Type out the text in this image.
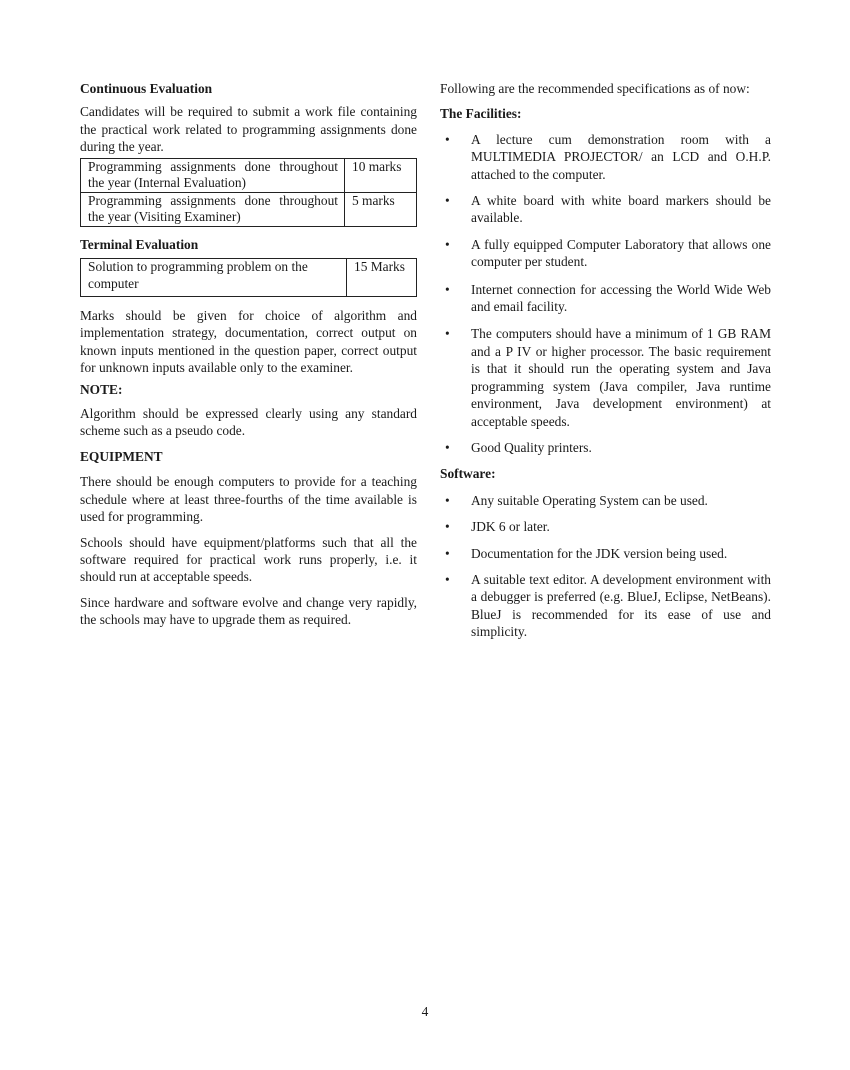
Continuous Evaluation

Candidates will be required to submit a work file containing the practical work related to programming assignments done during the year.

Programming assignments done throughout the year (Internal Evaluation)	10 marks
Programming assignments done throughout the year (Visiting Examiner)	5 marks
Terminal Evaluation
Solution to programming problem on the computer	15 Marks

Marks should be given for choice of algorithm and implementation strategy, documentation, correct output on known inputs mentioned in the question paper, correct output for unknown inputs available only to the examiner.

NOTE:

Algorithm should be expressed clearly using any standard scheme such as a pseudo code.

EQUIPMENT

There should be enough computers to provide for a teaching schedule where at least three-fourths of the time available is used for programming.

Schools should have equipment/platforms such that all the software required for practical work runs properly, i.e. it should run at acceptable speeds.

Since hardware and software evolve and change very rapidly, the schools may have to upgrade them as required.

Following are the recommended specifications as of now:

The Facilities:
• A lecture cum demonstration room with a MULTIMEDIA PROJECTOR/ an LCD and O.H.P. attached to the computer.
• A white board with white board markers should be available.
• A fully equipped Computer Laboratory that allows one computer per student.
• Internet connection for accessing the World Wide Web and email facility.
• The computers should have a minimum of 1 GB RAM and a P IV or higher processor. The basic requirement is that it should run the operating system and Java programming system (Java compiler, Java runtime environment, Java development environment) at acceptable speeds.
• Good Quality printers.
Software:
• Any suitable Operating System can be used.
• JDK 6 or later.
• Documentation for the JDK version being used.
• A suitable text editor. A development environment with a debugger is preferred (e.g. BlueJ, Eclipse, NetBeans). BlueJ is recommended for its ease of use and simplicity.
4
